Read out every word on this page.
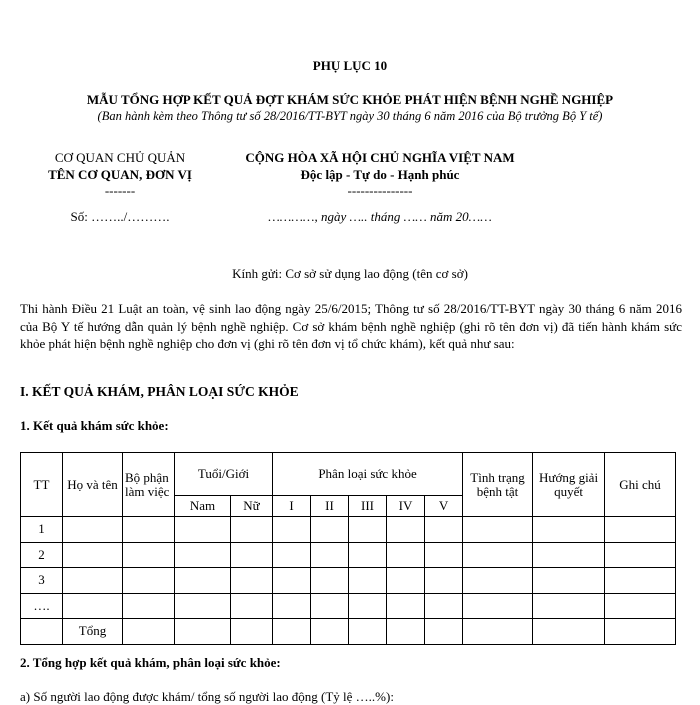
PHỤ LỤC 10
MẪU TỔNG HỢP KẾT QUẢ ĐỢT KHÁM SỨC KHỎE PHÁT HIỆN BỆNH NGHỀ NGHIỆP
(Ban hành kèm theo Thông tư số 28/2016/TT-BYT ngày 30 tháng 6 năm 2016 của Bộ trưởng Bộ Y tế)
CƠ QUAN CHỦ QUẢN
TÊN CƠ QUAN, ĐƠN VỊ
-------
Số: ……../……….
CỘNG HÒA XÃ HỘI CHỦ NGHĨA VIỆT NAM
Độc lập - Tự do - Hạnh phúc
---------------
…………, ngày ….. tháng …… năm 20……
Kính gửi: Cơ sở sử dụng lao động (tên cơ sở)
Thi hành Điều 21 Luật an toàn, vệ sinh lao động ngày 25/6/2015; Thông tư số 28/2016/TT-BYT ngày 30 tháng 6 năm 2016 của Bộ Y tế hướng dẫn quản lý bệnh nghề nghiệp. Cơ sở khám bệnh nghề nghiệp (ghi rõ tên đơn vị) đã tiến hành khám sức khỏe phát hiện bệnh nghề nghiệp cho đơn vị (ghi rõ tên đơn vị tổ chức khám), kết quả như sau:
I. KẾT QUẢ KHÁM, PHÂN LOẠI SỨC KHỎE
1. Kết quả khám sức khỏe:
TT	Họ và tên	Bộ phận làm việc	Tuổi/Giới		Phân loại sức khỏe					Tình trạng bệnh tật	Hướng giải quyết	Ghi chú
			Nam	Nữ	I	II	III	IV	V			
1												
2												
3												
….												
	Tổng											
2. Tổng hợp kết quả khám, phân loại sức khỏe:
a) Số người lao động được khám/ tổng số người lao động (Tỷ lệ …..%):
